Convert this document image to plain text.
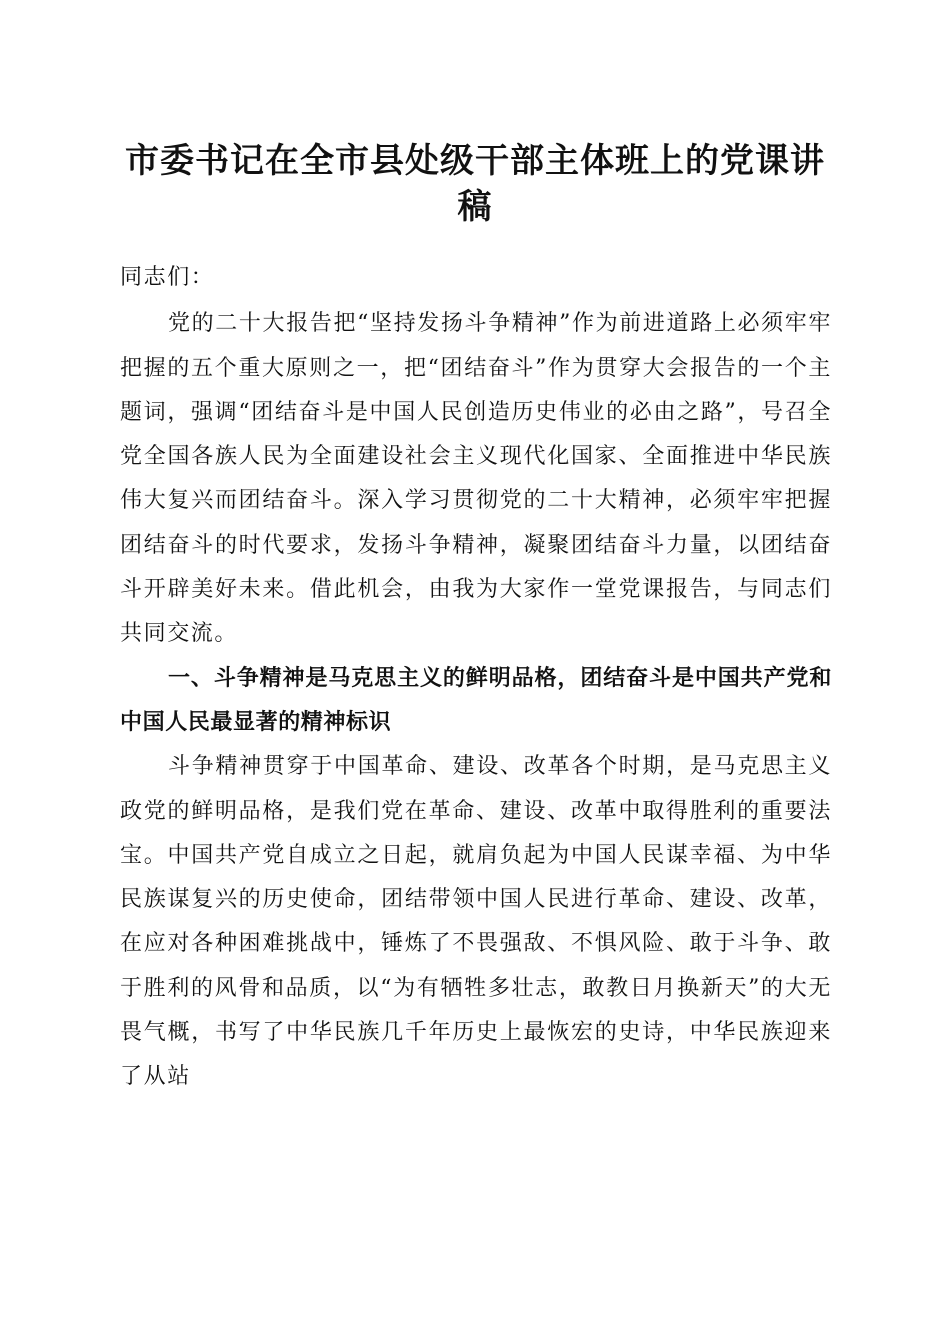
市委书记在全市县处级干部主体班上的党课讲
稿

同志们：

党的二十大报告把“坚持发扬斗争精神”作为前进道路上必须牢牢把握的五个重大原则之一，把“团结奋斗”作为贯穿大会报告的一个主题词，强调“团结奋斗是中国人民创造历史伟业的必由之路”，号召全党全国各族人民为全面建设社会主义现代化国家、全面推进中华民族伟大复兴而团结奋斗。深入学习贯彻党的二十大精神，必须牢牢把握团结奋斗的时代要求，发扬斗争精神，凝聚团结奋斗力量，以团结奋斗开辟美好未来。借此机会，由我为大家作一堂党课报告，与同志们共同交流。

一、斗争精神是马克思主义的鲜明品格，团结奋斗是中国共产党和中国人民最显著的精神标识

斗争精神贯穿于中国革命、建设、改革各个时期，是马克思主义政党的鲜明品格，是我们党在革命、建设、改革中取得胜利的重要法宝。中国共产党自成立之日起，就肩负起为中国人民谋幸福、为中华民族谋复兴的历史使命，团结带领中国人民进行革命、建设、改革，在应对各种困难挑战中，锤炼了不畏强敌、不惧风险、敢于斗争、敢于胜利的风骨和品质，以“为有牺牲多壮志，敢教日月换新天”的大无畏气概，书写了中华民族几千年历史上最恢宏的史诗，中华民族迎来了从站
